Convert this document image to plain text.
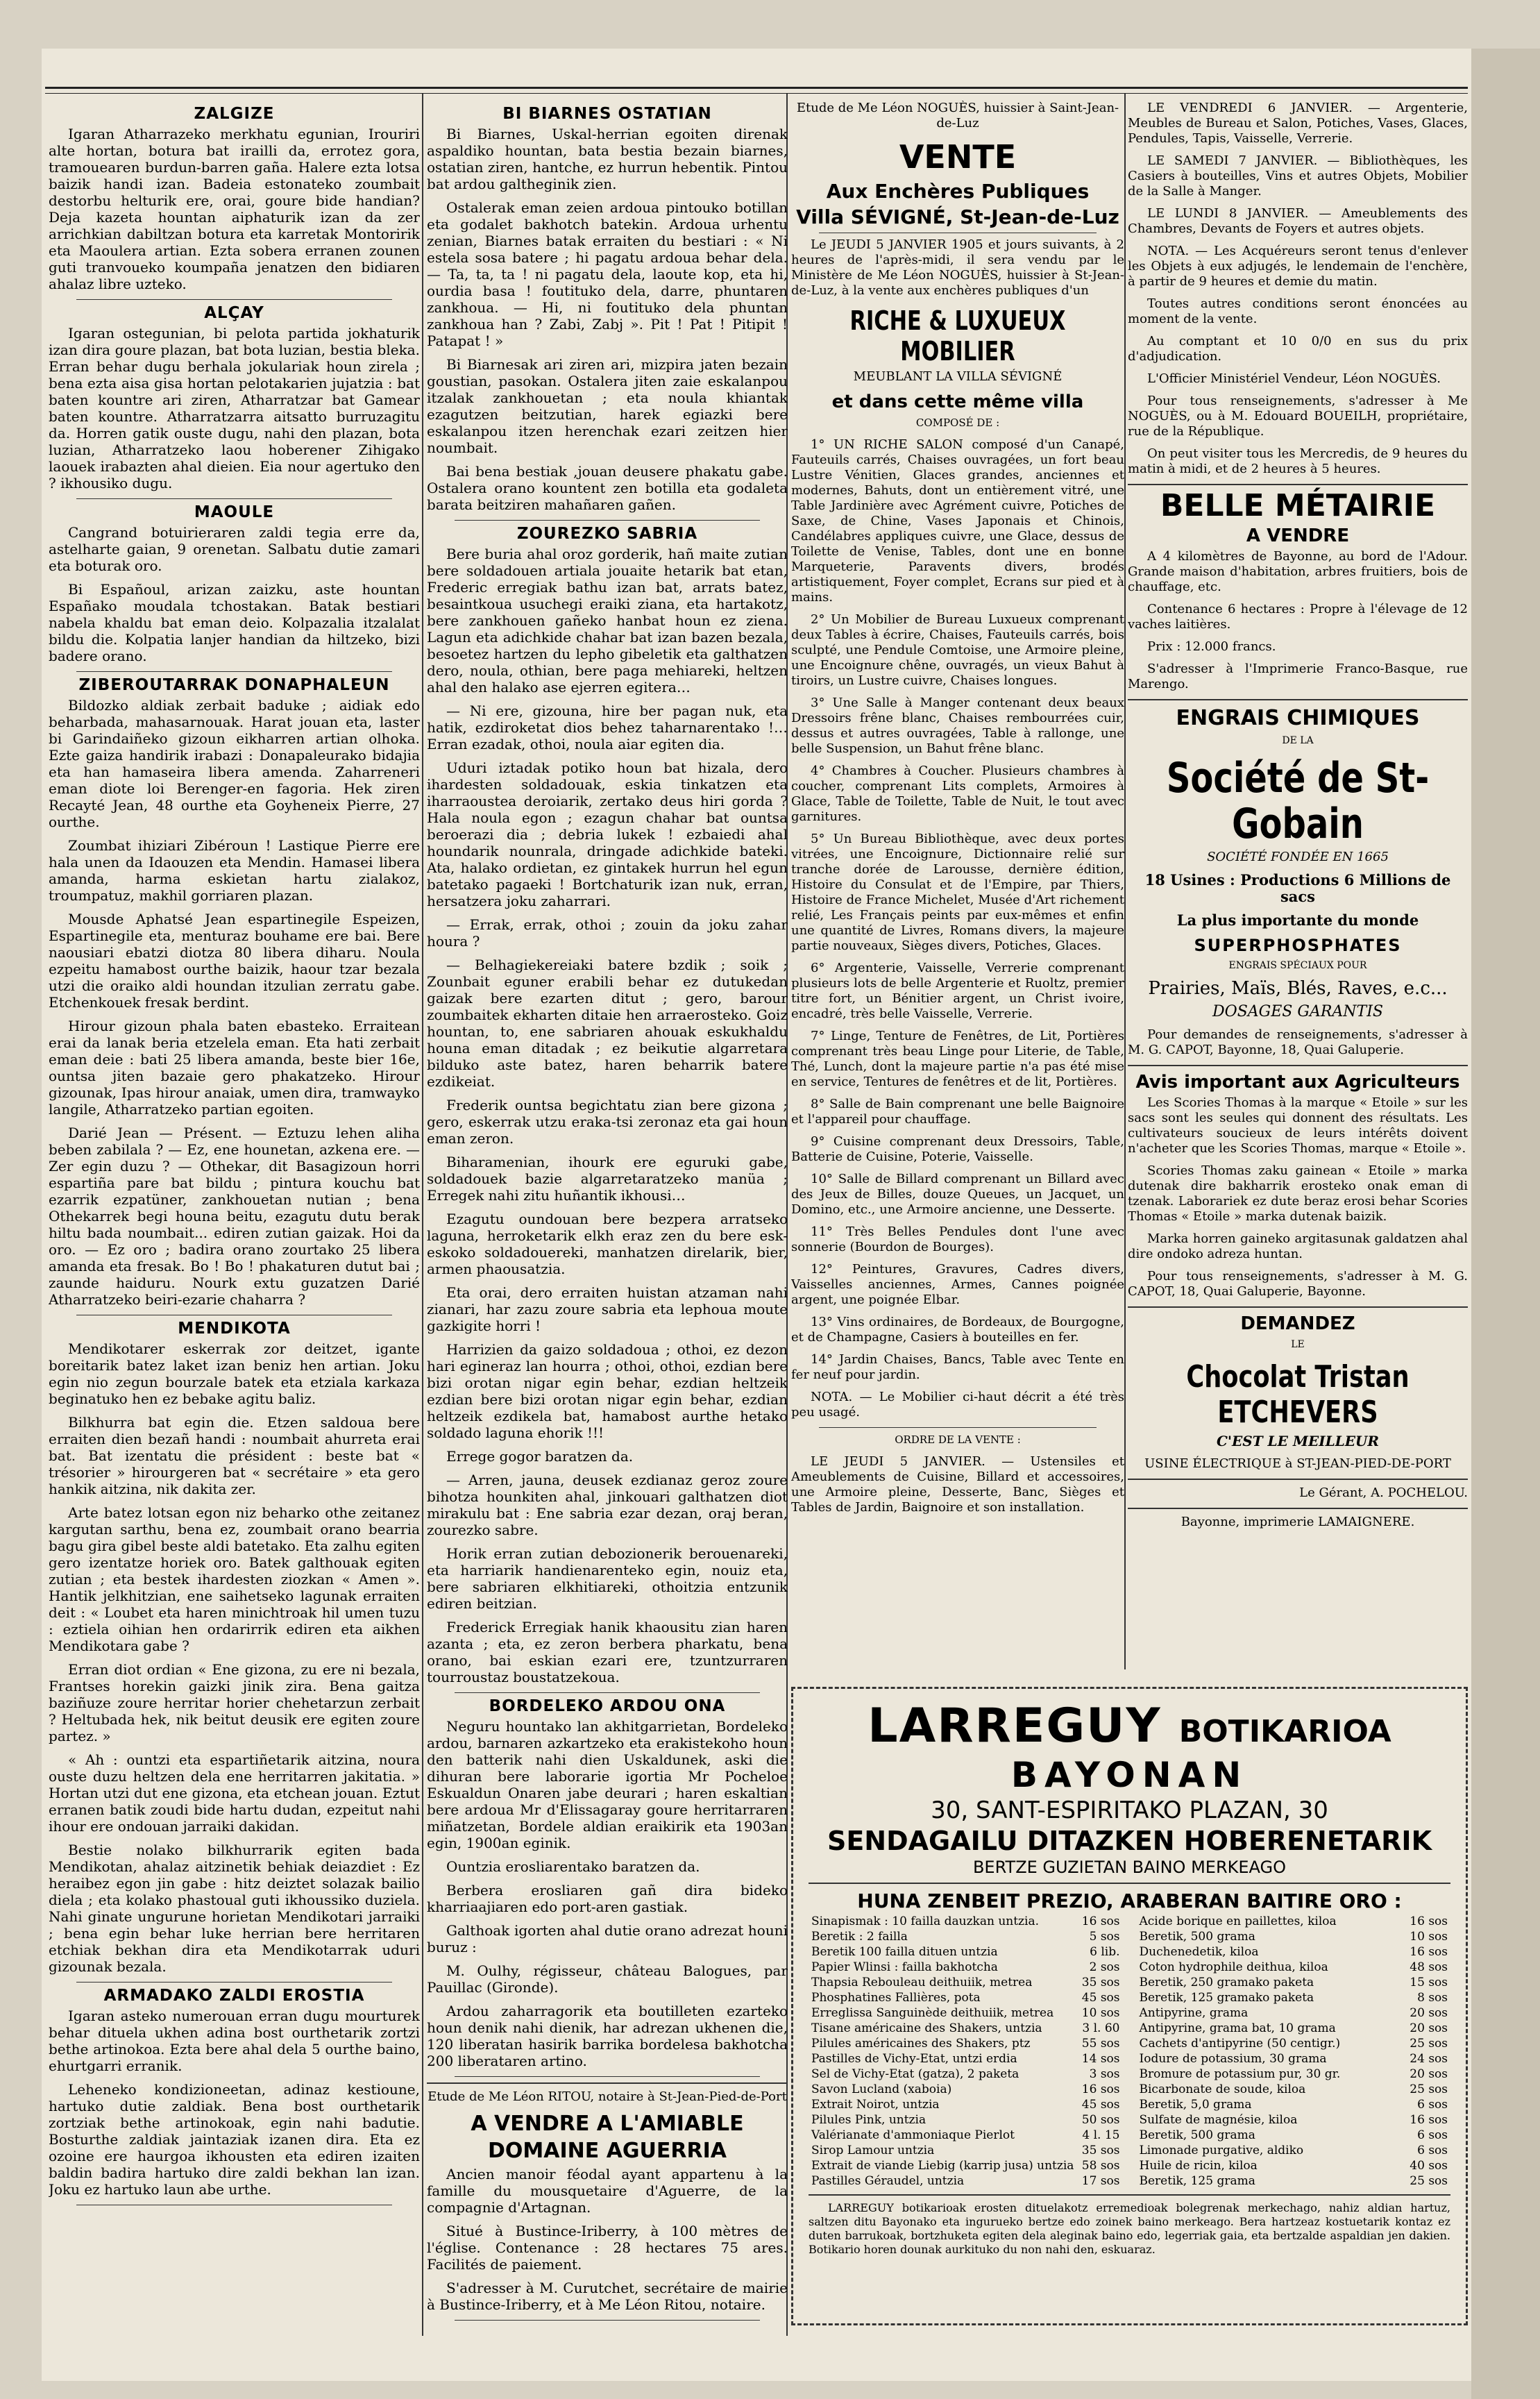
ZALGIZE

Igaran Atharrazeko merkhatu egunian, Irouriri alte hortan, botura bat irailli da, errotez gora, tramouearen burdun-barren gaña. Halere ezta lotsa baizik handi izan. Badeia estonateko zoumbait destorbu helturik ere, orai, goure bide handian? Deja kazeta hountan aiphaturik izan da zer arrichkian dabiltzan botura eta karretak Montoririk eta Maoulera artian. Ezta sobera erranen zounen guti tranvoueko koumpaña jenatzen den bidiaren ahalaz libre uzteko.

ALÇAY

Igaran ostegunian, bi pelota partida jokhaturik izan dira goure plazan, bat bota luzian, bestia bleka. Erran behar dugu berhala jokulariak houn zirela ; bena ezta aisa gisa hortan pelotakarien jujatzia : bat baten kountre ari ziren, Atharratzar bat Gamear baten kountre. Atharratzarra aitsatto burruzagitu da. Horren gatik ouste dugu, nahi den plazan, bota luzian, Atharratzeko laou hoberener Zihigako laouek irabazten ahal dieien. Eia nour agertuko den ? ikhousiko dugu.

MAOULE

Cangrand botuirieraren zaldi tegia erre da, astelharte gaian, 9 orenetan. Salbatu dutie zamari eta boturak oro.

Bi Españoul, arizan zaizku, aste hountan Españako moudala tchostakan. Batak bestiari nabela khaldu bat eman deio. Kolpazalia itzalalat bildu die. Kolpatia lanjer handian da hiltzeko, bizi badere orano.

ZIBEROUTARRAK DONAPHALEUN

Bildozko aldiak zerbait baduke ; aidiak edo beharbada, mahasarnouak. Harat jouan eta, laster bi Garindaiñeko gizoun eikharren artian olhoka. Ezte gaiza handirik irabazi : Donapaleurako bidajia eta han hamaseira libera amenda. Zaharreneri eman diote loi Berenger-en fagoria. Hek ziren Recayté Jean, 48 ourthe eta Goyheneix Pierre, 27 ourthe.

Zoumbat ihiziari Zibéroun ! Lastique Pierre ere hala unen da Idaouzen eta Mendin. Hamasei libera amanda, harma eskietan hartu zialakoz, troumpatuz, makhil gorriaren plazan.

Mousde Aphatsé Jean espartinegile Espeizen, Espartinegile eta, menturaz bouhame ere bai. Bere naousiari ebatzi diotza 80 libera diharu. Noula ezpeitu hamabost ourthe baizik, haour tzar bezala utzi die oraiko aldi houndan itzulian zerratu gabe. Etchenkouek fresak berdint.

Hirour gizoun phala baten ebasteko. Erraitean erai da lanak beria etzelela eman. Eta hati zerbait eman deie : bati 25 libera amanda, beste bier 16e, ountsa jiten bazaie gero phakatzeko. Hirour gizounak, Ipas hirour anaiak, umen dira, tramwayko langile, Atharratzeko partian egoiten.

Darié Jean — Présent. — Eztuzu lehen aliha beben zabilala ? — Ez, ene hounetan, azkena ere. — Zer egin duzu ? — Othekar, dit Basagizoun horri espartiña pare bat bildu ; pintura kouchu bat ezarrik ezpatüner, zankhouetan nutian ; bena Othekarrek begi houna beitu, ezagutu dutu berak hiltu bada noumbait... ediren zutian gaizak. Hoi da oro. — Ez oro ; badira orano zourtako 25 libera amanda eta fresak. Bo ! Bo ! phakaturen dutut bai ; zaunde haiduru. Nourk extu guzatzen Darié Atharratzeko beiri-ezarie chaharra ?

MENDIKOTA

Mendikotarer eskerrak zor deitzet, igante boreitarik batez laket izan beniz hen artian. Joku egin nio zegun bourzale batek eta etziala karkaza beginatuko hen ez bebake agitu baliz.

Bilkhurra bat egin die. Etzen saldoua bere erraiten dien bezañ handi : noumbait ahurreta erai bat. Bat izentatu die président : beste bat « trésorier » hirourgeren bat « secrétaire » eta gero hankik aitzina, nik dakita zer.

Arte batez lotsan egon niz beharko othe zeitanez kargutan sarthu, bena ez, zoumbait orano bearria bagu gira gibel beste aldi batetako. Eta zalhu egiten gero izentatze horiek oro. Batek galthouak egiten zutian ; eta bestek ihardesten ziozkan « Amen ». Hantik jelkhitzian, ene saihetseko lagunak erraiten deit : « Loubet eta haren minichtroak hil umen tuzu : eztiela oihian hen ordarirrik ediren eta aikhen Mendikotara gabe ?

Erran diot ordian « Ene gizona, zu ere ni bezala, Frantses horekin gaizki jinik zira. Bena gaitza baziñuze zoure herritar horier chehetarzun zerbait ? Heltubada hek, nik beitut deusik ere egiten zoure partez. »

« Ah : ountzi eta espartiñetarik aitzina, noura ouste duzu heltzen dela ene herritarren jakitatia. » Hortan utzi dut ene gizona, eta etchean jouan. Eztut erranen batik zoudi bide hartu dudan, ezpeitut nahi ihour ere ondouan jarraiki dakidan.

Bestie nolako bilkhurrarik egiten bada Mendikotan, ahalaz aitzinetik behiak deiazdiet : Ez heraibez egon jin gabe : hitz deiztet solazak bailio diela ; eta kolako phastoual guti ikhoussiko duziela. Nahi ginate ungurune horietan Mendikotari jarraiki ; bena egin behar luke herrian bere herritaren etchiak bekhan dira eta Mendikotarrak uduri gizounak bezala.

ARMADAKO ZALDI EROSTIA

Igaran asteko numerouan erran dugu mourturek behar dituela ukhen adina bost ourthetarik zortzi bethe artinokoa. Ezta bere ahal dela 5 ourthe baino, ehurtgarri erranik.

Leheneko kondizioneetan, adinaz kestioune, hartuko dutie zaldiak. Bena bost ourthetarik zortziak bethe artinokoak, egin nahi badutie. Bosturthe zaldiak jaintaziak izanen dira. Eta ez ozoine ere haurgoa ikhousten eta ediren izaiten baldin badira hartuko dire zaldi bekhan lan izan. Joku ez hartuko laun abe urthe.

BI BIARNES OSTATIAN

Bi Biarnes, Uskal-herrian egoiten direnak aspaldiko hountan, bata bestia bezain biarnes, ostatian ziren, hantche, ez hurrun hebentik. Pintou bat ardou galtheginik zien.

Ostalerak eman zeien ardoua pintouko botillan eta godalet bakhotch batekin. Ardoua urhentu zenian, Biarnes batak erraiten du bestiari : « Ni estela sosa batere ; hi pagatu ardoua behar dela. — Ta, ta, ta ! ni pagatu dela, laoute kop, eta hi, ourdia basa ! foutituko dela, darre, phuntaren zankhoua. — Hi, ni foutituko dela phuntan zankhoua han ? Zabi, Zabj ». Pit ! Pat ! Pitipit ! Patapat ! »

Bi Biarnesak ari ziren ari, mizpira jaten bezain goustian, pasokan. Ostalera jiten zaie eskalanpou itzalak zankhouetan ; eta noula khiantak ezagutzen beitzutian, harek egiazki bere eskalanpou itzen herenchak ezari zeitzen hier noumbait.

Bai bena bestiak ,jouan deusere phakatu gabe. Ostalera orano kountent zen botilla eta godaleta barata beitziren mahañaren gañen.

ZOUREZKO SABRIA

Bere buria ahal oroz gorderik, hañ maite zutian bere soldadouen artiala jouaite hetarik bat etan, Frederic erregiak bathu izan bat, arrats batez, besaintkoua usuchegi eraiki ziana, eta hartakotz, bere zankhouen gañeko hanbat houn ez ziena. Lagun eta adichkide chahar bat izan bazen bezala, besoetez hartzen du lepho gibeletik eta galthatzen dero, noula, othian, bere paga mehiareki, heltzen ahal den halako ase ejerren egitera…

— Ni ere, gizouna, hire ber pagan nuk, eta hatik, ezdiroketat dios behez taharnarentako !… Erran ezadak, othoi, noula aiar egiten dia.

Uduri iztadak potiko houn bat hizala, dero ihardesten soldadouak, eskia tinkatzen eta iharraoustea deroiarik, zertako deus hiri gorda ? Hala noula egon ; ezagun chahar bat ountsa beroerazi dia ; debria lukek ! ezbaiedi ahal houndarik nounrala, dringade adichkide bateki. Ata, halako ordietan, ez gintakek hurrun hel egun batetako pagaeki ! Bortchaturik izan nuk, erran, hersatzera joku zaharrari.

— Errak, errak, othoi ; zouin da joku zahar houra ?

— Belhagiekereiaki batere bzdik ; soik ; Zounbait eguner erabili behar ez dutukedan gaizak bere ezarten ditut ; gero, barour zoumbaitek ekharten ditaie hen arraerosteko. Goiz hountan, to, ene sabriaren ahouak eskukhaldu houna eman ditadak ; ez beikutie algarretara bilduko aste batez, haren beharrik batere ezdikeiat.

Frederik ountsa begichtatu zian bere gizona ; gero, eskerrak utzu eraka-tsi zeronaz eta gai houn eman zeron.

Biharamenian, ihourk ere eguruki gabe, soldadouek bazie algarretaratzeko manüa ; Erregek nahi zitu huñantik ikhousi…

Ezagutu oundouan bere bezpera arratseko laguna, herroketarik elkh eraz zen du bere esk-eskoko soldadouereki, manhatzen direlarik, bier, armen phaousatzia.

Eta orai, dero erraiten huistan atzaman nahi zianari, har zazu zoure sabria eta lephoua moute gazkigite horri !

Harrizien da gaizo soldadoua ; othoi, ez dezon hari egineraz lan hourra ; othoi, othoi, ezdian bere bizi orotan nigar egin behar, ezdian heltzeik ezdian bere bizi orotan nigar egin behar, ezdian heltzeik ezdikela bat, hamabost aurthe hetako soldado laguna ehorik !!!

Errege gogor baratzen da.

— Arren, jauna, deusek ezdianaz geroz zoure bihotza hounkiten ahal, jinkouari galthatzen diot mirakulu bat : Ene sabria ezar dezan, oraj beran, zourezko sabre.

Horik erran zutian debozionerik berouenareki, eta harriarik handienarenteko egin, nouiz eta, bere sabriaren elkhitiareki, othoitzia entzunik ediren beitzian.

Frederick Erregiak hanik khaousitu zian haren azanta ; eta, ez zeron berbera pharkatu, bena orano, bai eskian ezari ere, tzuntzurraren tourroustaz boustatzekoua.

BORDELEKO ARDOU ONA

Neguru hountako lan akhitgarrietan, Bordeleko ardou, barnaren azkartzeko eta erakistekoho houn den batterik nahi dien Uskaldunek, aski die dihuran bere laborarie igortia Mr Pocheloe Eskualdun Onaren jabe deurari ; haren eskaltian bere ardoua Mr d'Elissagaray goure herritarraren miñatzetan, Bordele aldian eraikirik eta 1903an egin, 1900an eginik.

Ountzia erosliarentako baratzen da.

Berbera erosliaren gañ dira bideko kharriaajiaren edo port-aren gastiak.

Galthoak igorten ahal dutie orano adrezat houni buruz :

M. Oulhy, régisseur, château Balogues, par Pauillac (Gironde).

Ardou zaharragorik eta boutilleten ezarteko houn denik nahi dienik, har adrezan ukhenen die, 120 liberatan hasirik barrika bordelesa bakhotcha 200 liberataren artino.

Etude de Me Léon RITOU, notaire à St-Jean-Pied-de-Port

A VENDRE A L'AMIABLE
DOMAINE AGUERRIA

Ancien manoir féodal ayant appartenu à la famille du mousquetaire d'Aguerre, de la compagnie d'Artagnan.

Situé à Bustince-Iriberry, à 100 mètres de l'église. Contenance : 28 hectares 75 ares. Facilités de paiement.

S'adresser à M. Curutchet, secrétaire de mairie à Bustince-Iriberry, et à Me Léon Ritou, notaire.

Etude de Me Léon NOGUÈS, huissier à Saint-Jean-de-Luz

VENTE
Aux Enchères Publiques
Villa SÉVIGNÉ, St-Jean-de-Luz

Le JEUDI 5 JANVIER 1905 et jours suivants, à 2 heures de l'après-midi, il sera vendu par le Ministère de Me Léon NOGUÈS, huissier à St-Jean-de-Luz, à la vente aux enchères publiques d'un

RICHE & LUXUEUX MOBILIER

MEUBLANT LA VILLA SÉVIGNÉ

et dans cette même villa

COMPOSÉ DE :

1° UN RICHE SALON composé d'un Canapé, Fauteuils carrés, Chaises ouvragées, un fort beau Lustre Vénitien, Glaces grandes, anciennes et modernes, Bahuts, dont un entièrement vitré, une Table Jardinière avec Agrément cuivre, Potiches de Saxe, de Chine, Vases Japonais et Chinois, Candélabres appliques cuivre, une Glace, dessus de Toilette de Venise, Tables, dont une en bonne Marqueterie, Paravents divers, brodés artistiquement, Foyer complet, Ecrans sur pied et à mains.

2° Un Mobilier de Bureau Luxueux comprenant deux Tables à écrire, Chaises, Fauteuils carrés, bois sculpté, une Pendule Comtoise, une Armoire pleine, une Encoignure chêne, ouvragés, un vieux Bahut à tiroirs, un Lustre cuivre, Chaises longues.

3° Une Salle à Manger contenant deux beaux Dressoirs frêne blanc, Chaises rembourrées cuir, dessus et autres ouvragées, Table à rallonge, une belle Suspension, un Bahut frêne blanc.

4° Chambres à Coucher. Plusieurs chambres à coucher, comprenant Lits complets, Armoires à Glace, Table de Toilette, Table de Nuit, le tout avec garnitures.

5° Un Bureau Bibliothèque, avec deux portes vitrées, une Encoignure, Dictionnaire relié sur tranche dorée de Larousse, dernière édition, Histoire du Consulat et de l'Empire, par Thiers, Histoire de France Michelet, Musée d'Art richement relié, Les Français peints par eux-mêmes et enfin une quantité de Livres, Romans divers, la majeure partie nouveaux, Sièges divers, Potiches, Glaces.

6° Argenterie, Vaisselle, Verrerie comprenant plusieurs lots de belle Argenterie et Ruoltz, premier titre fort, un Bénitier argent, un Christ ivoire, encadré, très belle Vaisselle, Verrerie.

7° Linge, Tenture de Fenêtres, de Lit, Portières comprenant très beau Linge pour Literie, de Table, Thé, Lunch, dont la majeure partie n'a pas été mise en service, Tentures de fenêtres et de lit, Portières.

8° Salle de Bain comprenant une belle Baignoire et l'appareil pour chauffage.

9° Cuisine comprenant deux Dressoirs, Table, Batterie de Cuisine, Poterie, Vaisselle.

10° Salle de Billard comprenant un Billard avec des Jeux de Billes, douze Queues, un Jacquet, un Domino, etc., une Armoire ancienne, une Desserte.

11° Très Belles Pendules dont l'une avec sonnerie (Bourdon de Bourges).

12° Peintures, Gravures, Cadres divers, Vaisselles anciennes, Armes, Cannes poignée argent, une poignée Elbar.

13° Vins ordinaires, de Bordeaux, de Bourgogne, et de Champagne, Casiers à bouteilles en fer.

14° Jardin Chaises, Bancs, Table avec Tente en fer neuf pour jardin.

NOTA. — Le Mobilier ci-haut décrit a été très peu usagé.

ORDRE DE LA VENTE :

LE JEUDI 5 JANVIER. — Ustensiles et Ameublements de Cuisine, Billard et accessoires, une Armoire pleine, Desserte, Banc, Sièges et Tables de Jardin, Baignoire et son installation.

LE VENDREDI 6 JANVIER. — Argenterie, Meubles de Bureau et Salon, Potiches, Vases, Glaces, Pendules, Tapis, Vaisselle, Verrerie.

LE SAMEDI 7 JANVIER. — Bibliothèques, les Casiers à bouteilles, Vins et autres Objets, Mobilier de la Salle à Manger.

LE LUNDI 8 JANVIER. — Ameublements des Chambres, Devants de Foyers et autres objets.

NOTA. — Les Acquéreurs seront tenus d'enlever les Objets à eux adjugés, le lendemain de l'enchère, à partir de 9 heures et demie du matin.

Toutes autres conditions seront énoncées au moment de la vente.

Au comptant et 10 0/0 en sus du prix d'adjudication.

L'Officier Ministériel Vendeur, Léon NOGUÈS.

Pour tous renseignements, s'adresser à Me NOGUÈS, ou à M. Edouard BOUEILH, propriétaire, rue de la République.

On peut visiter tous les Mercredis, de 9 heures du matin à midi, et de 2 heures à 5 heures.

BELLE MÉTAIRIE
A VENDRE

A 4 kilomètres de Bayonne, au bord de l'Adour. Grande maison d'habitation, arbres fruitiers, bois de chauffage, etc.

Contenance 6 hectares : Propre à l'élevage de 12 vaches laitières.

Prix : 12.000 francs.

S'adresser à l'Imprimerie Franco-Basque, rue Marengo.

ENGRAIS CHIMIQUES

DE LA

Société de St-Gobain

SOCIÉTÉ FONDÉE EN 1665

18 Usines : Productions 6 Millions de sacs

La plus importante du monde

SUPERPHOSPHATES

ENGRAIS SPÉCIAUX POUR

Prairies, Maïs, Blés, Raves, e.c...

DOSAGES GARANTIS

Pour demandes de renseignements, s'adresser à M. G. CAPOT, Bayonne, 18, Quai Galuperie.

Avis important aux Agriculteurs

Les Scories Thomas à la marque « Etoile » sur les sacs sont les seules qui donnent des résultats. Les cultivateurs soucieux de leurs intérêts doivent n'acheter que les Scories Thomas, marque « Etoile ».

Scories Thomas zaku gainean « Etoile » marka dutenak dire bakharrik erosteko onak eman di tzenak. Laborariek ez dute beraz erosi behar Scories Thomas « Etoile » marka dutenak baizik.

Marka horren gaineko argitasunak galdatzen ahal dire ondoko adreza huntan.

Pour tous renseignements, s'adresser à M. G. CAPOT, 18, Quai Galuperie, Bayonne.

DEMANDEZ

LE

Chocolat Tristan ETCHEVERS

C'EST LE MEILLEUR

USINE ÉLECTRIQUE à ST-JEAN-PIED-DE-PORT

Le Gérant, A. POCHELOU.

Bayonne, imprimerie LAMAIGNERE.

LARREGUY BOTIKARIOA
BAYONAN
30, SANT-ESPIRITAKO PLAZAN, 30
SENDAGAILU DITAZKEN HOBERENETARIK
BERTZE GUZIETAN BAINO MERKEAGO
HUNA ZENBEIT PREZIO, ARABERAN BAITIRE ORO :
Sinapismak : 10 failla dauzkan untzia.	16 sos
Beretik : 2 failla	5 sos
Beretik 100 failla dituen untzia	6 lib.
Papier Wlinsi : failla bakhotcha	2 sos
Thapsia Rebouleau deithuiik, metrea	35 sos
Phosphatines Fallières, pota	45 sos
Erreglissa Sanguinède deithuiik, metrea	10 sos
Tisane américaine des Shakers, untzia	3 l. 60
Pilules américaines des Shakers, ptz	55 sos
Pastilles de Vichy-Etat, untzi erdia	14 sos
Sel de Vichy-Etat (gatza), 2 paketa	3 sos
Savon Lucland (xaboia)	16 sos
Extrait Noirot, untzia	45 sos
Pilules Pink, untzia	50 sos
Valérianate d'ammoniaque Pierlot	4 l. 15
Sirop Lamour untzia	35 sos
Extrait de viande Liebig (karrip jusa) untzia	58 sos
Pastilles Géraudel, untzia	17 sos
Acide borique en paillettes, kiloa	16 sos
Beretik, 500 grama	10 sos
Duchenedetik, kiloa	16 sos
Coton hydrophile deithua, kiloa	48 sos
Beretik, 250 gramako paketa	15 sos
Beretik, 125 gramako paketa	8 sos
Antipyrine, grama	20 sos
Antipyrine, grama bat, 10 grama	20 sos
Cachets d'antipyrine (50 centigr.)	25 sos
Iodure de potassium, 30 grama	24 sos
Bromure de potassium pur, 30 gr.	20 sos
Bicarbonate de soude, kiloa	25 sos
Beretik, 5,0 grama	6 sos
Sulfate de magnésie, kiloa	16 sos
Beretik, 500 grama	6 sos
Limonade purgative, aldiko	6 sos
Huile de ricin, kiloa	40 sos
Beretik, 125 grama	25 sos

LARREGUY botikarioak erosten dituelakotz erremedioak bolegrenak merkechago, nahiz aldian hartuz, saltzen ditu Bayonako eta ingurueko bertze edo zoinek baino merkeago. Bera hartzeaz kostuetarik kontaz ez duten barrukoak, bortzhuketa egiten dela aleginak baino edo, legerriak gaia, eta bertzalde aspaldian jen dakien. Botikario horen dounak aurkituko du non nahi den, eskuaraz.
